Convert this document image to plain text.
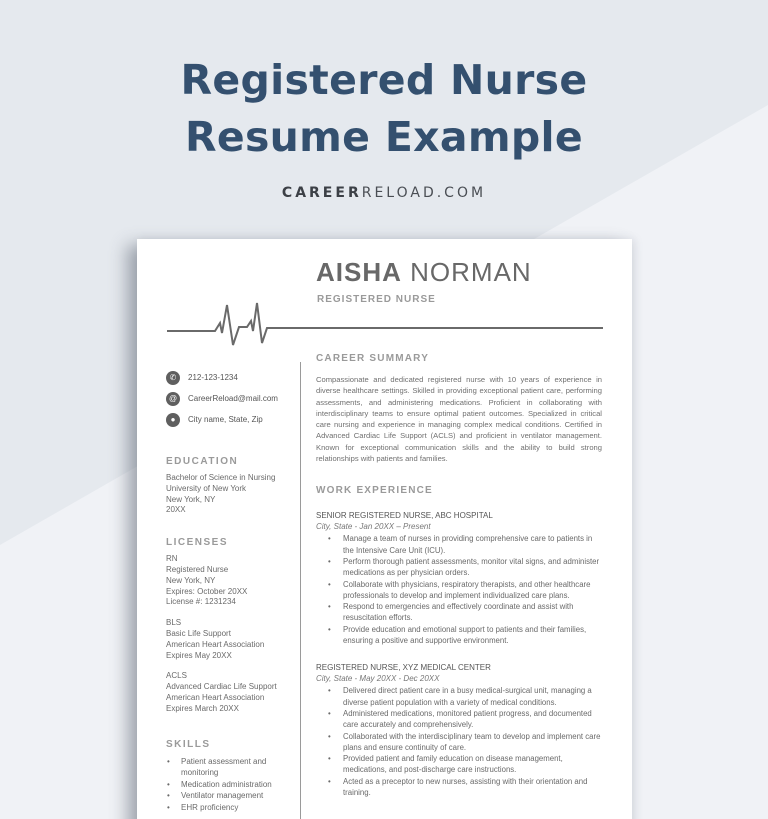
Registered Nurse
Resume Example
CAREERRELOAD.COM
AISHA NORMAN
REGISTERED NURSE
✆	212-123-1234
@	CareerReload@mail.com
●	City name, State, Zip
EDUCATION
Bachelor of Science in Nursing
University of New York
New York, NY
20XX
LICENSES
RN
Registered Nurse
New York, NY
Expires: October 20XX
License #: 1231234
BLS
Basic Life Support
American Heart Association
Expires May 20XX
ACLS
Advanced Cardiac Life Support
American Heart Association
Expires March 20XX
SKILLS
• Patient assessment and monitoring
• Medication administration
• Ventilator management
• EHR proficiency
CAREER SUMMARY

Compassionate and dedicated registered nurse with 10 years of experience in diverse healthcare settings. Skilled in providing exceptional patient care, performing assessments, and administering medications. Proficient in collaborating with interdisciplinary teams to ensure optimal patient outcomes. Specialized in critical care nursing and experience in managing complex medical conditions. Certified in Advanced Cardiac Life Support (ACLS) and proficient in ventilator management. Known for exceptional communication skills and the ability to build strong relationships with patients and families.

WORK EXPERIENCE
SENIOR REGISTERED NURSE, ABC HOSPITAL
City, State - Jan 20XX – Present
• Manage a team of nurses in providing comprehensive care to patients in the Intensive Care Unit (ICU).
• Perform thorough patient assessments, monitor vital signs, and administer medications as per physician orders.
• Collaborate with physicians, respiratory therapists, and other healthcare professionals to develop and implement individualized care plans.
• Respond to emergencies and effectively coordinate and assist with resuscitation efforts.
• Provide education and emotional support to patients and their families, ensuring a positive and supportive environment.
REGISTERED NURSE, XYZ MEDICAL CENTER
City, State - May 20XX - Dec 20XX
• Delivered direct patient care in a busy medical-surgical unit, managing a diverse patient population with a variety of medical conditions.
• Administered medications, monitored patient progress, and documented care accurately and comprehensively.
• Collaborated with the interdisciplinary team to develop and implement care plans and ensure continuity of care.
• Provided patient and family education on disease management, medications, and post-discharge care instructions.
• Acted as a preceptor to new nurses, assisting with their orientation and training.
